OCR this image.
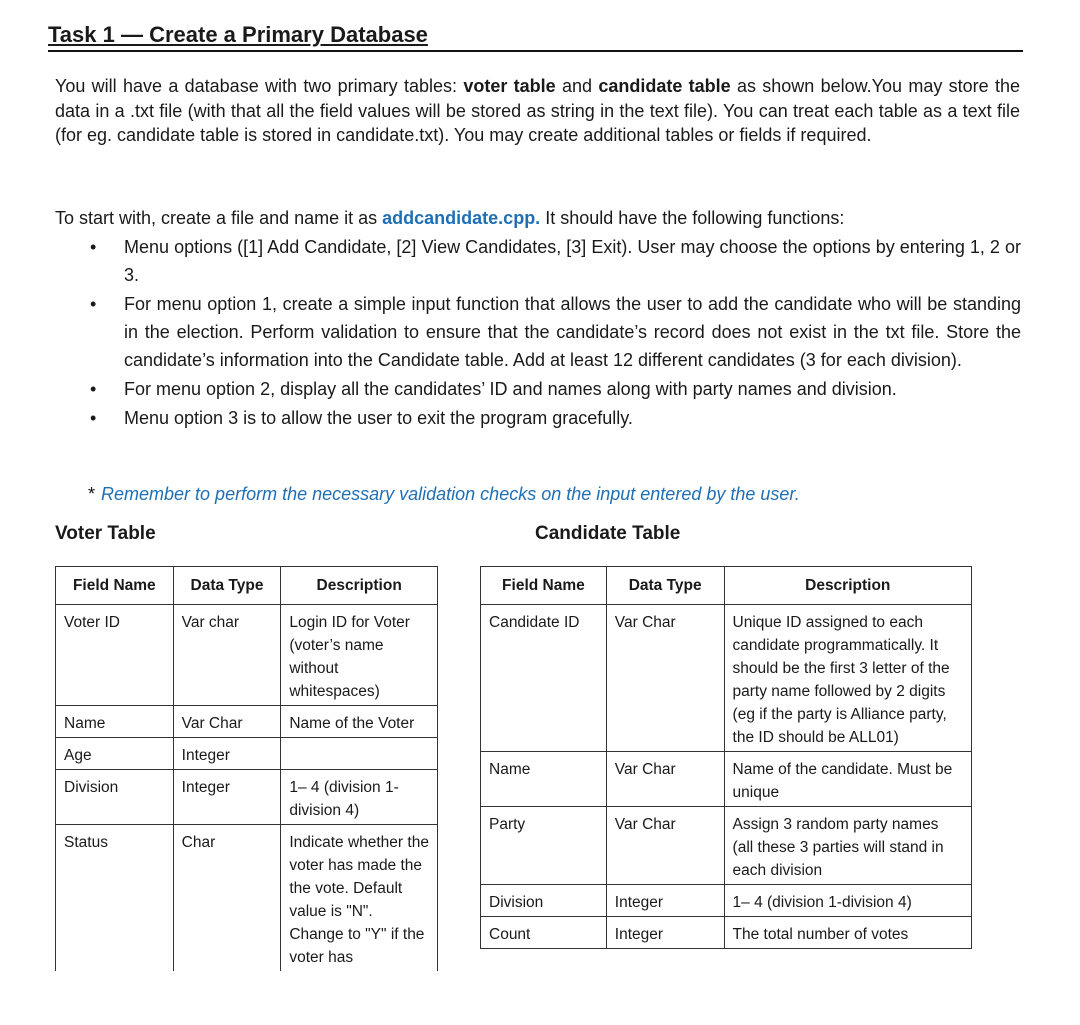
Task 1 — Create a Primary Database
You will have a database with two primary tables: voter table and candidate table as shown below.You may store the data in a .txt file (with that all the field values will be stored as string in the text file). You can treat each table as a text file (for eg. candidate table is stored in candidate.txt). You may create additional tables or fields if required.
To start with, create a file and name it as addcandidate.cpp. It should have the following functions:
• Menu options ([1] Add Candidate, [2] View Candidates, [3] Exit). User may choose the options by entering 1, 2 or 3.
• For menu option 1, create a simple input function that allows the user to add the candidate who will be standing in the election. Perform validation to ensure that the candidate’s record does not exist in the txt file. Store the candidate’s information into the Candidate table. Add at least 12 different candidates (3 for each division).
• For menu option 2, display all the candidates’ ID and names along with party names and division.
• Menu option 3 is to allow the user to exit the program gracefully.
* Remember to perform the necessary validation checks on the input entered by the user.
Voter Table	Candidate Table
Field Name	Data Type	Description
Voter ID	Var char	Login ID for Voter (voter’s name without whitespaces)
Name	Var Char	Name of the Voter
Age	Integer	
Division	Integer	1– 4 (division 1-division 4)
Status	Char	Indicate whether the voter has made the the vote. Default value is "N". Change to "Y" if the voter has
Field Name	Data Type	Description
Candidate ID	Var Char	Unique ID assigned to each candidate programmatically. It should be the first 3 letter of the party name followed by 2 digits (eg if the party is Alliance party, the ID should be ALL01)
Name	Var Char	Name of the candidate. Must be unique
Party	Var Char	Assign 3 random party names (all these 3 parties will stand in each division
Division	Integer	1– 4 (division 1-division 4)
Count	Integer	The total number of votes
